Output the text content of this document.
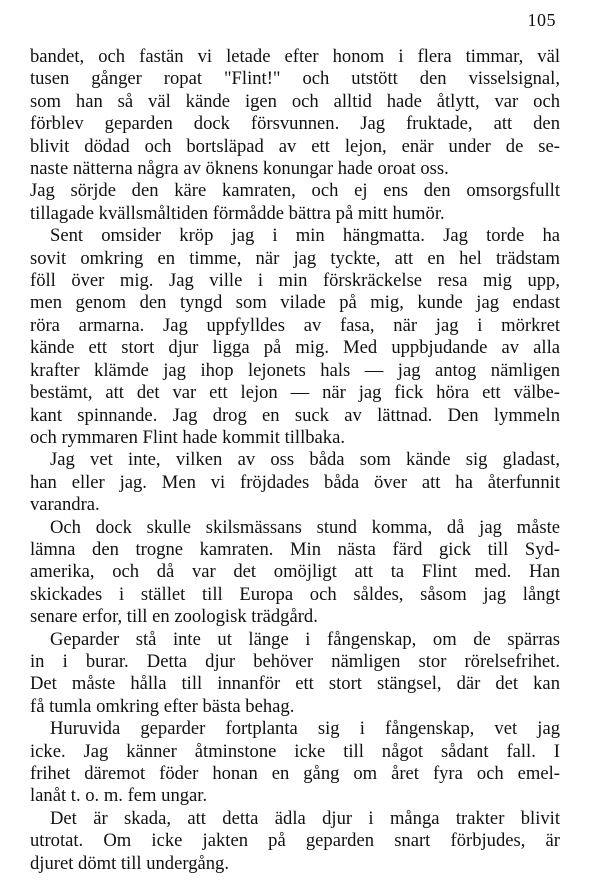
105
bandet, och fastän vi letade efter honom i flera timmar, väl
tusen gånger ropat "Flint!" och utstött den visselsignal,
som han så väl kände igen och alltid hade åtlytt, var och
förblev geparden dock försvunnen. Jag fruktade, att den
blivit dödad och bortsläpad av ett lejon, enär under de se-
naste nätterna några av öknens konungar hade oroat oss.
Jag sörjde den käre kamraten, och ej ens den omsorgsfullt
tillagade kvällsmåltiden förmådde bättra på mitt humör.
Sent omsider kröp jag i min hängmatta. Jag torde ha
sovit omkring en timme, när jag tyckte, att en hel trädstam
föll över mig. Jag ville i min förskräckelse resa mig upp,
men genom den tyngd som vilade på mig, kunde jag endast
röra armarna. Jag uppfylldes av fasa, när jag i mörkret
kände ett stort djur ligga på mig. Med uppbjudande av alla
krafter klämde jag ihop lejonets hals — jag antog nämligen
bestämt, att det var ett lejon — när jag fick höra ett välbe-
kant spinnande. Jag drog en suck av lättnad. Den lymmeln
och rymmaren Flint hade kommit tillbaka.
Jag vet inte, vilken av oss båda som kände sig gladast,
han eller jag. Men vi fröjdades båda över att ha återfunnit
varandra.
Och dock skulle skilsmässans stund komma, då jag måste
lämna den trogne kamraten. Min nästa färd gick till Syd-
amerika, och då var det omöjligt att ta Flint med. Han
skickades i stället till Europa och såldes, såsom jag långt
senare erfor, till en zoologisk trädgård.
Geparder stå inte ut länge i fångenskap, om de spärras
in i burar. Detta djur behöver nämligen stor rörelsefrihet.
Det måste hålla till innanför ett stort stängsel, där det kan
få tumla omkring efter bästa behag.
Huruvida geparder fortplanta sig i fångenskap, vet jag
icke. Jag känner åtminstone icke till något sådant fall. I
frihet däremot föder honan en gång om året fyra och emel-
lanåt t. o. m. fem ungar.
Det är skada, att detta ädla djur i många trakter blivit
utrotat. Om icke jakten på geparden snart förbjudes, är
djuret dömt till undergång.
